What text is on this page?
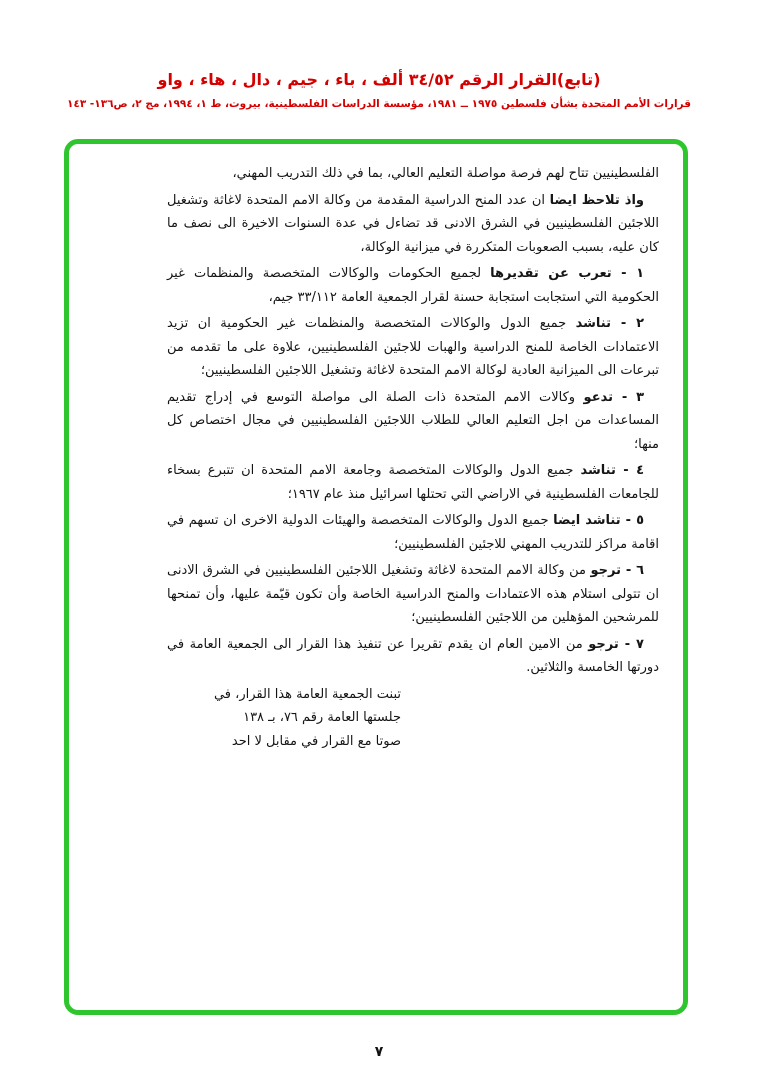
(تابع)القرار الرقم ٣٤/٥٢ ألف ، باء ، جيم ، دال ، هاء ، واو
قرارات الأمم المتحدة بشأن فلسطين ١٩٧٥ ــ ١٩٨١، مؤسسة الدراسات الفلسطينية، بيروت، ط ١، ١٩٩٤، مج ٢، ص١٣٦- ١٤٣

الفلسطينيين تتاح لهم فرصة مواصلة التعليم العالي، بما في ذلك التدريب المهني،

واذ تلاحظ ايضا ان عدد المنح الدراسية المقدمة من وكالة الامم المتحدة لاغاثة وتشغيل اللاجئين الفلسطينيين في الشرق الادنى قد تضاءل في عدة السنوات الاخيرة الى نصف ما كان عليه، بسبب الصعوبات المتكررة في ميزانية الوكالة،

١ - تعرب عن تقديرها لجميع الحكومات والوكالات المتخصصة والمنظمات غير الحكومية التي استجابت استجابة حسنة لقرار الجمعية العامة ٣٣/١١٢ جيم،

٢ - تناشد جميع الدول والوكالات المتخصصة والمنظمات غير الحكومية ان تزيد الاعتمادات الخاصة للمنح الدراسية والهبات للاجئين الفلسطينيين، علاوة على ما تقدمه من تبرعات الى الميزانية العادية لوكالة الامم المتحدة لاغاثة وتشغيل اللاجئين الفلسطينيين؛

٣ - تدعو وكالات الامم المتحدة ذات الصلة الى مواصلة التوسع في إدراج تقديم المساعدات من اجل التعليم العالي للطلاب اللاجئين الفلسطينيين في مجال اختصاص كل منها؛

٤ - تناشد جميع الدول والوكالات المتخصصة وجامعة الامم المتحدة ان تتبرع بسخاء للجامعات الفلسطينية في الاراضي التي تحتلها اسرائيل منذ عام ١٩٦٧؛

٥ - تناشد ايضا جميع الدول والوكالات المتخصصة والهيئات الدولية الاخرى ان تسهم في اقامة مراكز للتدريب المهني للاجئين الفلسطينيين؛

٦ - ترجو من وكالة الامم المتحدة لاغاثة وتشغيل اللاجئين الفلسطينيين في الشرق الادنى ان تتولى استلام هذه الاعتمادات والمنح الدراسية الخاصة وأن تكون قيّمة عليها، وأن تمنحها للمرشحين المؤهلين من اللاجئين الفلسطينيين؛

٧ - ترجو من الامين العام ان يقدم تقريرا عن تنفيذ هذا القرار الى الجمعية العامة في دورتها الخامسة والثلاثين.

تبنت الجمعية العامة هذا القرار، في
جلستها العامة رقم ٧٦، بـ ١٣٨
صوتا مع القرار في مقابل لا احد
٧
